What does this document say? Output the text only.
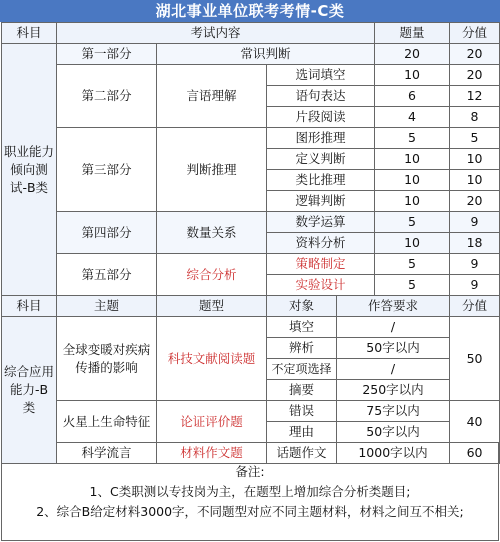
湖北事业单位联考考情-C类
科目	考试内容				题量	分值
职业能力倾向测试-B类	第一部分	常识判断			20	20
	第二部分	言语理解	选词填空		10	20
			语句表达		6	12
			片段阅读		4	8
	第三部分	判断推理	图形推理		5	5
			定义判断		10	10
			类比推理		10	10
			逻辑判断		10	20
	第四部分	数量关系	数学运算		5	9
			资料分析		10	18
	第五部分	综合分析	策略制定		5	9
			实验设计		5	9
科目	主题	题型	对象	作答要求		分值
综合应用能力-B类	全球变暖对疾病传播的影响	科技文献阅读题	填空	/		50
			辨析	50字以内		
			不定项选择	/		
			摘要	250字以内		
	火星上生命特征	论证评价题	错误	75字以内		40
			理由	50字以内		
	科学流言	材料作文题	话题作文	1000字以内		60
备注:
1、C类职测以专技岗为主，在题型上增加综合分析类题目;
2、综合B给定材料3000字，不同题型对应不同主题材料，材料之间互不相关;
